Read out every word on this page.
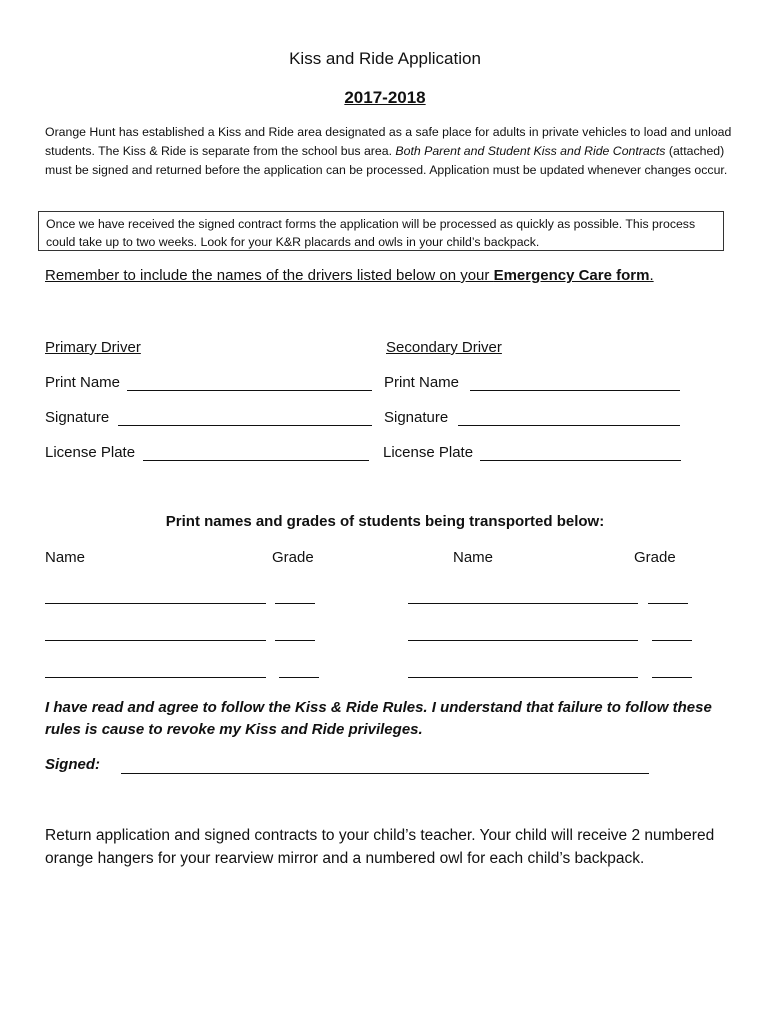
Kiss and Ride Application
2017-2018
Orange Hunt has established a Kiss and Ride area designated as a safe place for adults in private vehicles to load and unload students. The Kiss & Ride is separate from the school bus area. Both Parent and Student Kiss and Ride Contracts (attached) must be signed and returned before the application can be processed. Application must be updated whenever changes occur.
Once we have received the signed contract forms the application will be processed as quickly as possible. This process could take up to two weeks. Look for your K&R placards and owls in your child’s backpack.
Remember to include the names of the drivers listed below on your Emergency Care form.
Primary Driver	Secondary Driver
Print Name	Print Name
Signature	Signature
License Plate	License Plate
Print names and grades of students being transported below:
Name	Grade	Name	Grade
I have read and agree to follow the Kiss & Ride Rules. I understand that failure to follow these rules is cause to revoke my Kiss and Ride privileges.
Signed:
Return application and signed contracts to your child’s teacher. Your child will receive 2 numbered orange hangers for your rearview mirror and a numbered owl for each child’s backpack.
